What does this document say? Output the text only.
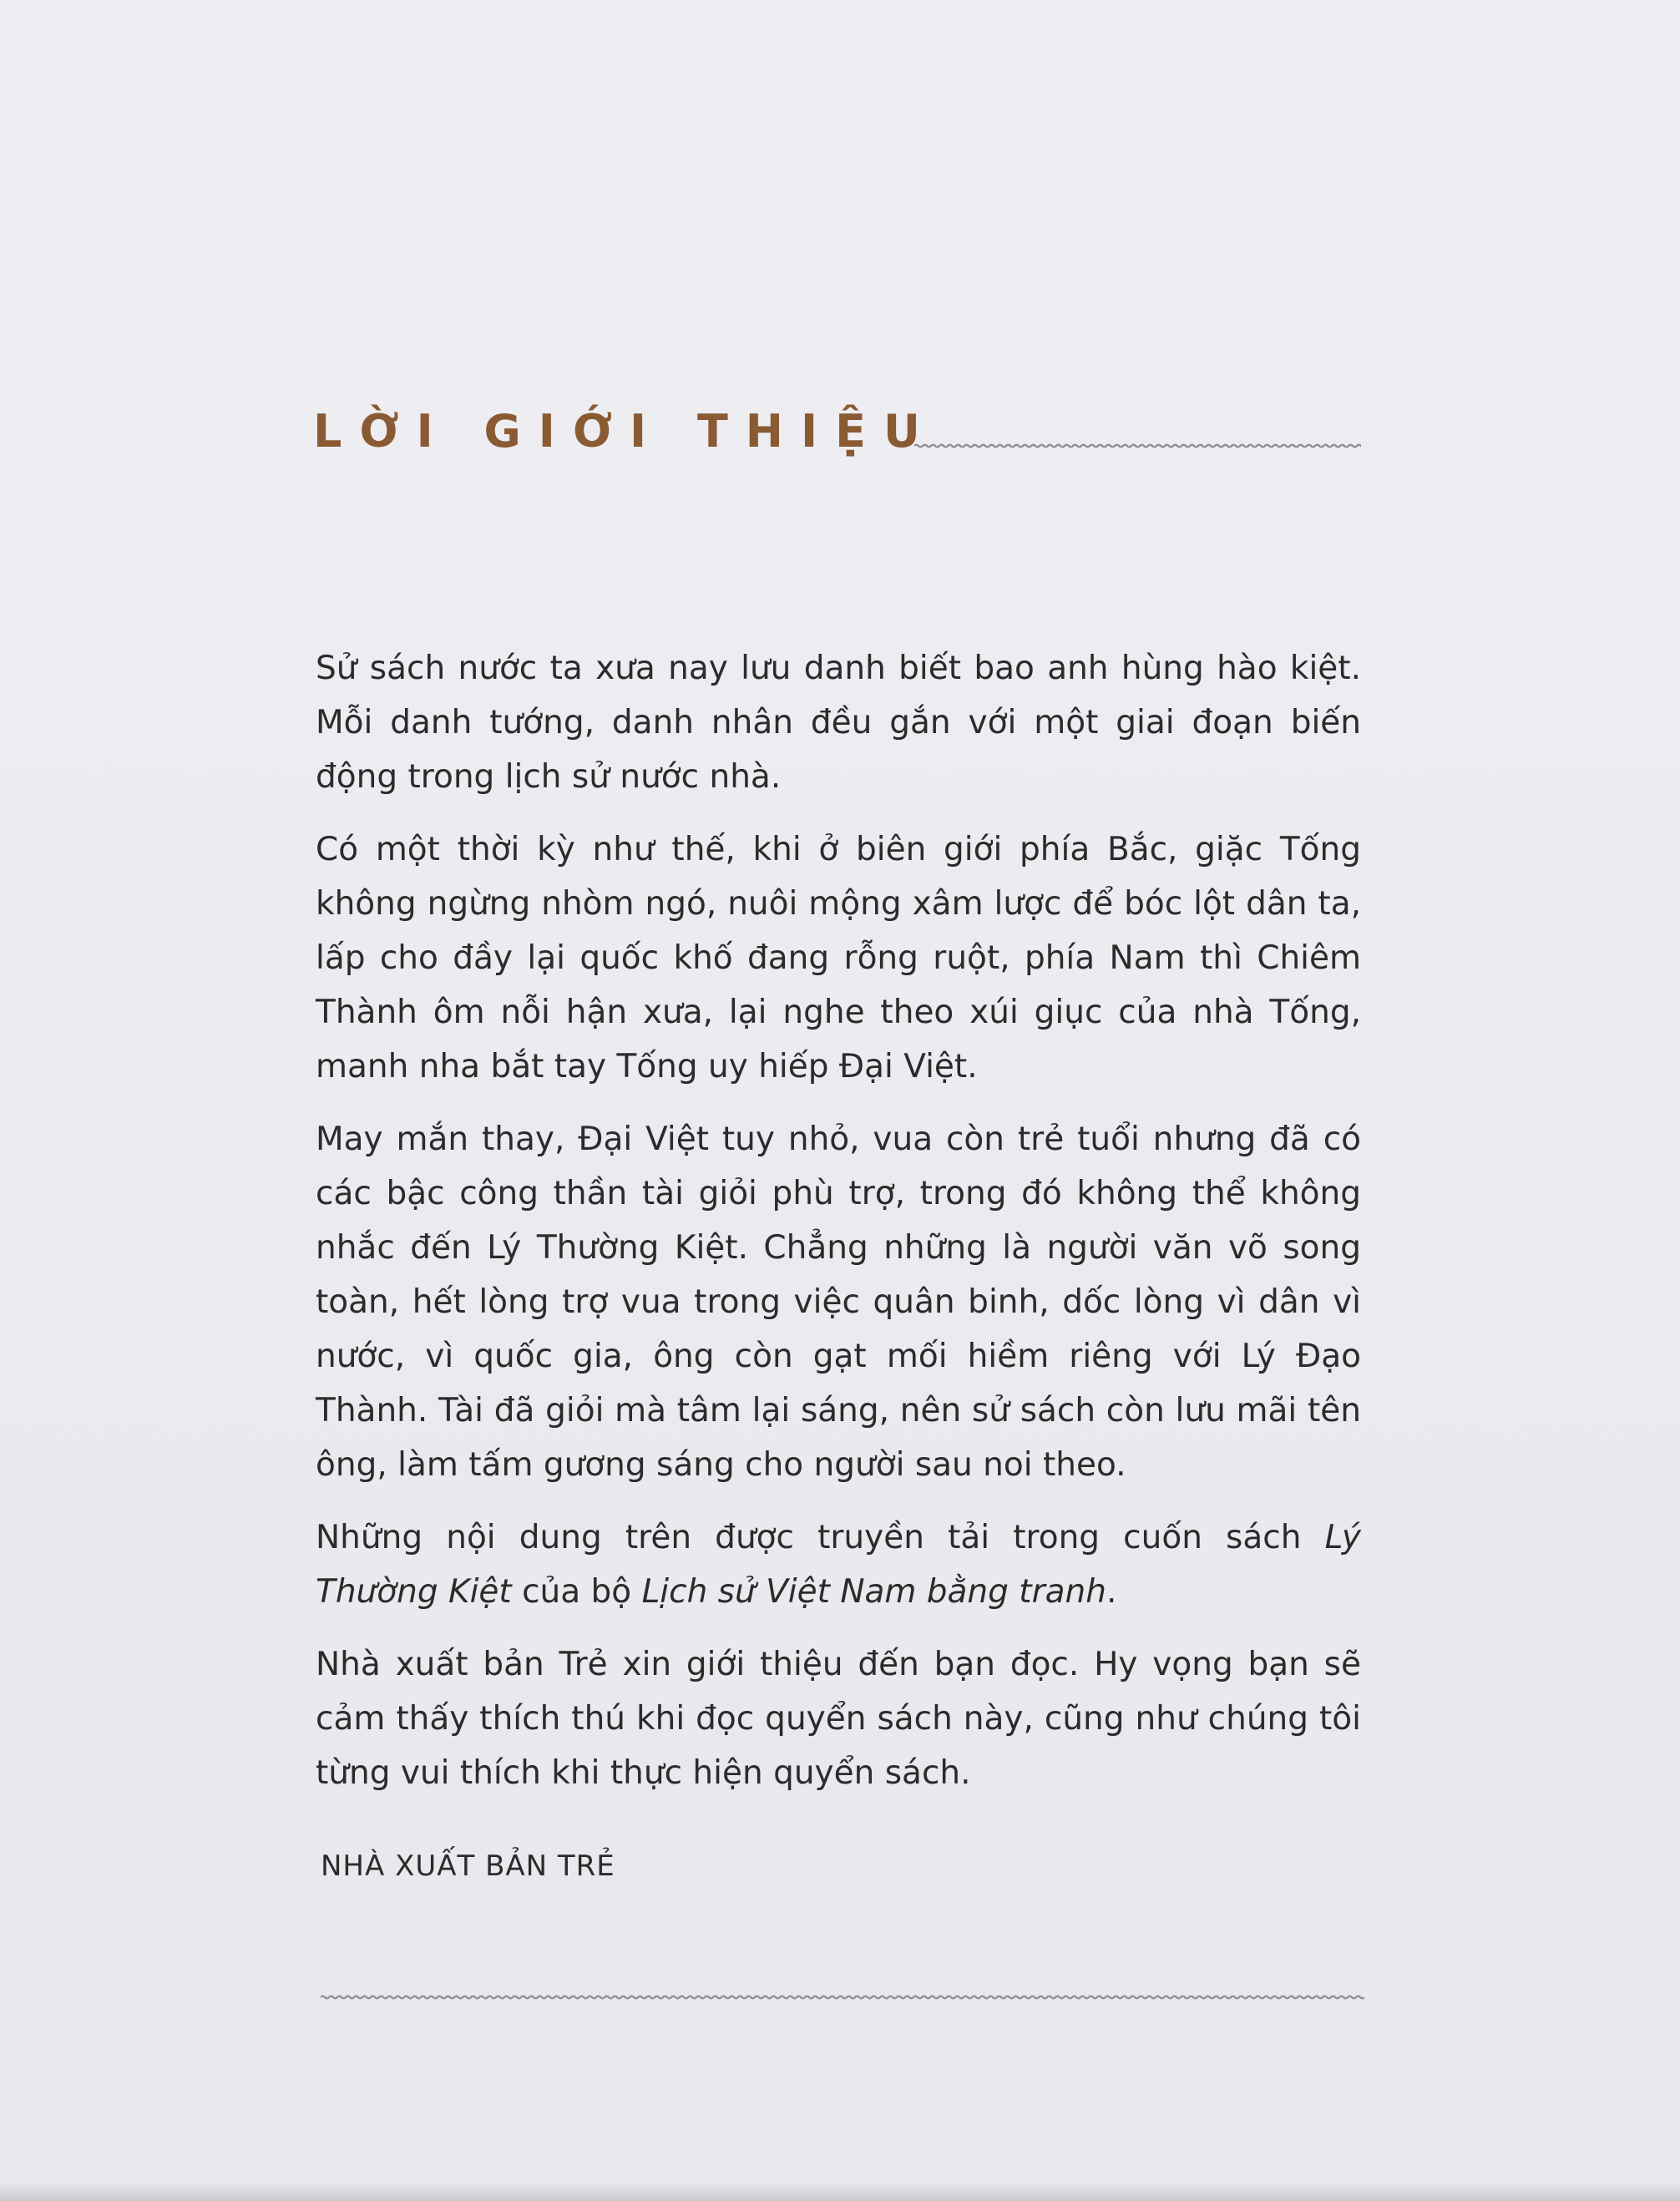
LỜI GIỚI THIỆU

Sử sách nước ta xưa nay lưu danh biết bao anh hùng hào kiệt. Mỗi danh tướng, danh nhân đều gắn với một giai đoạn biến động trong lịch sử nước nhà.

Có một thời kỳ như thế, khi ở biên giới phía Bắc, giặc Tống không ngừng nhòm ngó, nuôi mộng xâm lược để bóc lột dân ta, lấp cho đầy lại quốc khố đang rỗng ruột, phía Nam thì Chiêm Thành ôm nỗi hận xưa, lại nghe theo xúi giục của nhà Tống, manh nha bắt tay Tống uy hiếp Đại Việt.

May mắn thay, Đại Việt tuy nhỏ, vua còn trẻ tuổi nhưng đã có các bậc công thần tài giỏi phù trợ, trong đó không thể không nhắc đến Lý Thường Kiệt. Chẳng những là người văn võ song toàn, hết lòng trợ vua trong việc quân binh, dốc lòng vì dân vì nước, vì quốc gia, ông còn gạt mối hiềm riêng với Lý Đạo Thành. Tài đã giỏi mà tâm lại sáng, nên sử sách còn lưu mãi tên ông, làm tấm gương sáng cho người sau noi theo.

Những nội dung trên được truyền tải trong cuốn sách Lý Thường Kiệt của bộ Lịch sử Việt Nam bằng tranh.

Nhà xuất bản Trẻ xin giới thiệu đến bạn đọc. Hy vọng bạn sẽ cảm thấy thích thú khi đọc quyển sách này, cũng như chúng tôi từng vui thích khi thực hiện quyển sách.

NHÀ XUẤT BẢN TRẺ
